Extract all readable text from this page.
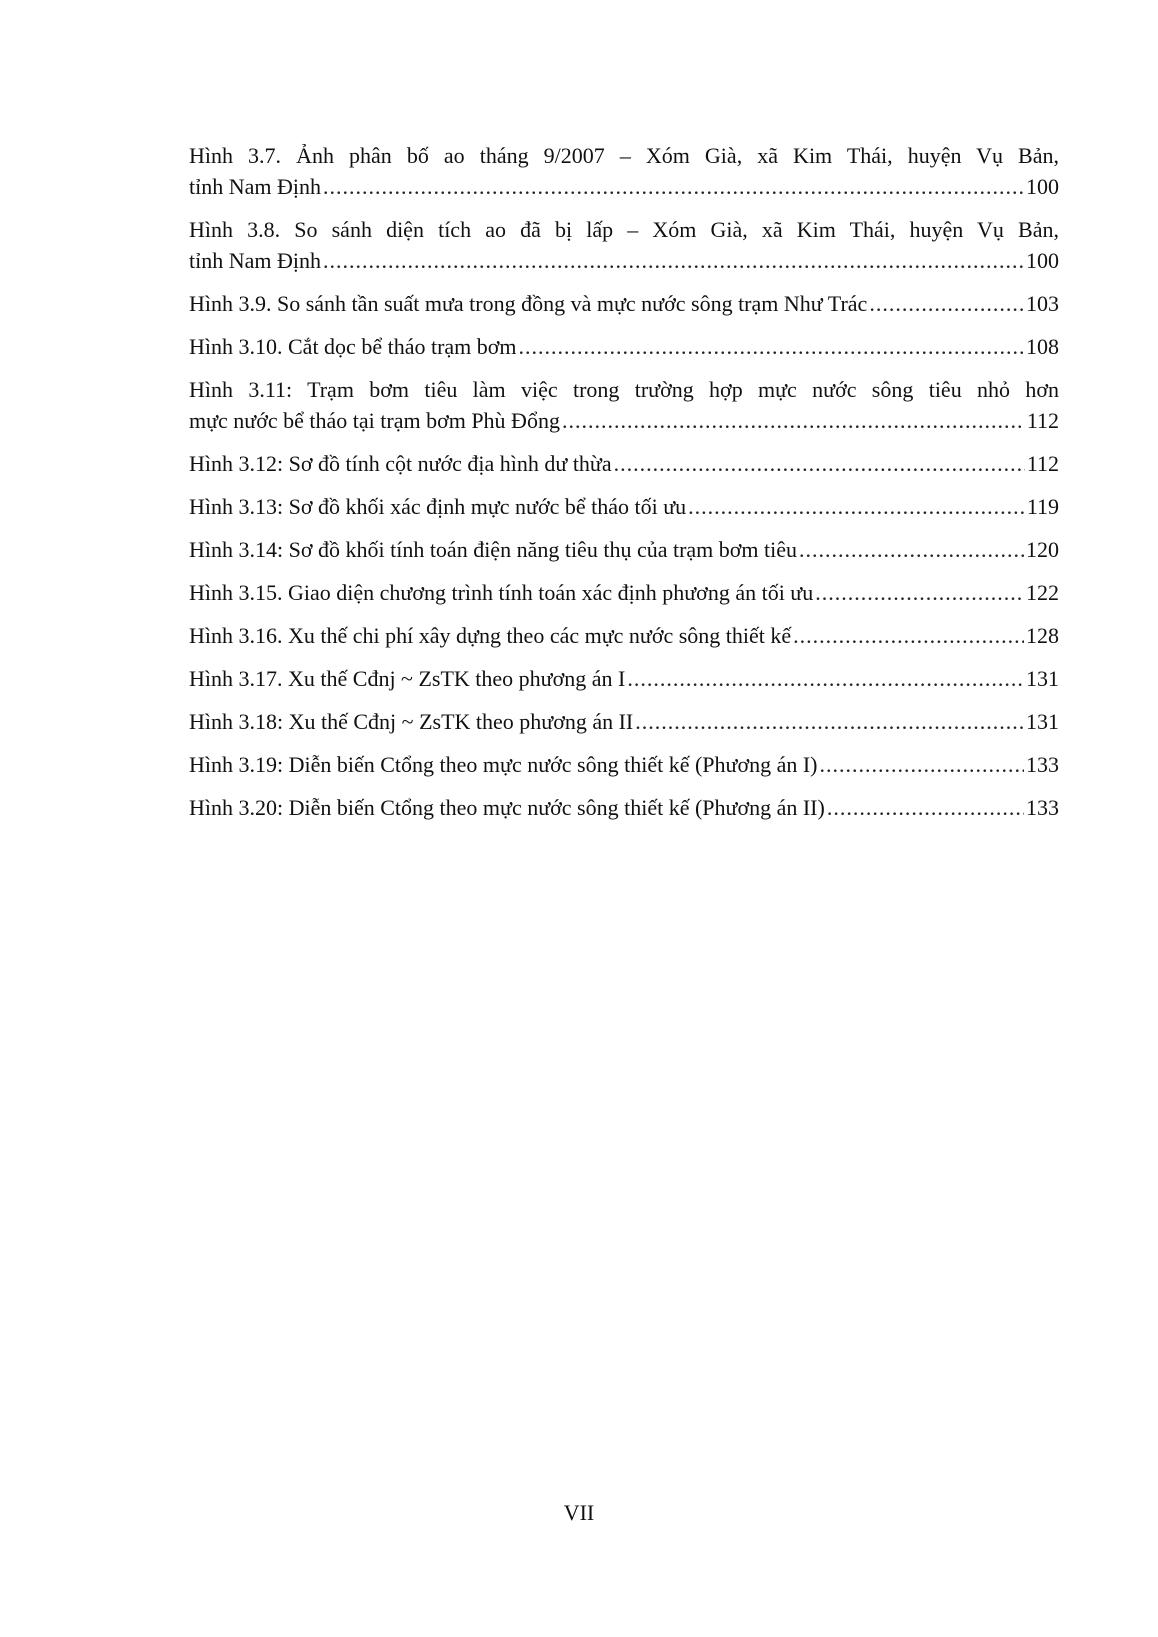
Hình 3.7. Ảnh phân bố ao tháng 9/2007 – Xóm Già, xã Kim Thái, huyện Vụ Bản,
tỉnh Nam Định .....	100
Hình 3.8. So sánh diện tích ao đã bị lấp – Xóm Già, xã Kim Thái, huyện Vụ Bản,
tỉnh Nam Định .....	100
Hình 3.9. So sánh tần suất mưa trong đồng và mực nước sông trạm Như Trác .....	103
Hình 3.10. Cắt dọc bể tháo trạm bơm .....	108
Hình 3.11: Trạm bơm tiêu làm việc trong trường hợp mực nước sông tiêu nhỏ hơn
mực nước bể tháo tại trạm bơm Phù Đổng .....	112
Hình 3.12: Sơ đồ tính cột nước địa hình dư thừa .....	112
Hình 3.13: Sơ đồ khối xác định mực nước bể tháo tối ưu .....	119
Hình 3.14: Sơ đồ khối tính toán điện năng tiêu thụ của trạm bơm tiêu .....	120
Hình 3.15. Giao diện chương trình tính toán xác định phương án tối ưu .....	122
Hình 3.16. Xu thế chi phí xây dựng theo các mực nước sông thiết kế .....	128
Hình 3.17. Xu thế Cđnj ~ ZsTK theo phương án I .....	131
Hình 3.18: Xu thế Cđnj ~ ZsTK theo phương án II .....	131
Hình 3.19: Diễn biến Ctổng theo mực nước sông thiết kế (Phương án I) .....	133
Hình 3.20: Diễn biến Ctổng theo mực nước sông thiết kế (Phương án II) .....	133
VII
